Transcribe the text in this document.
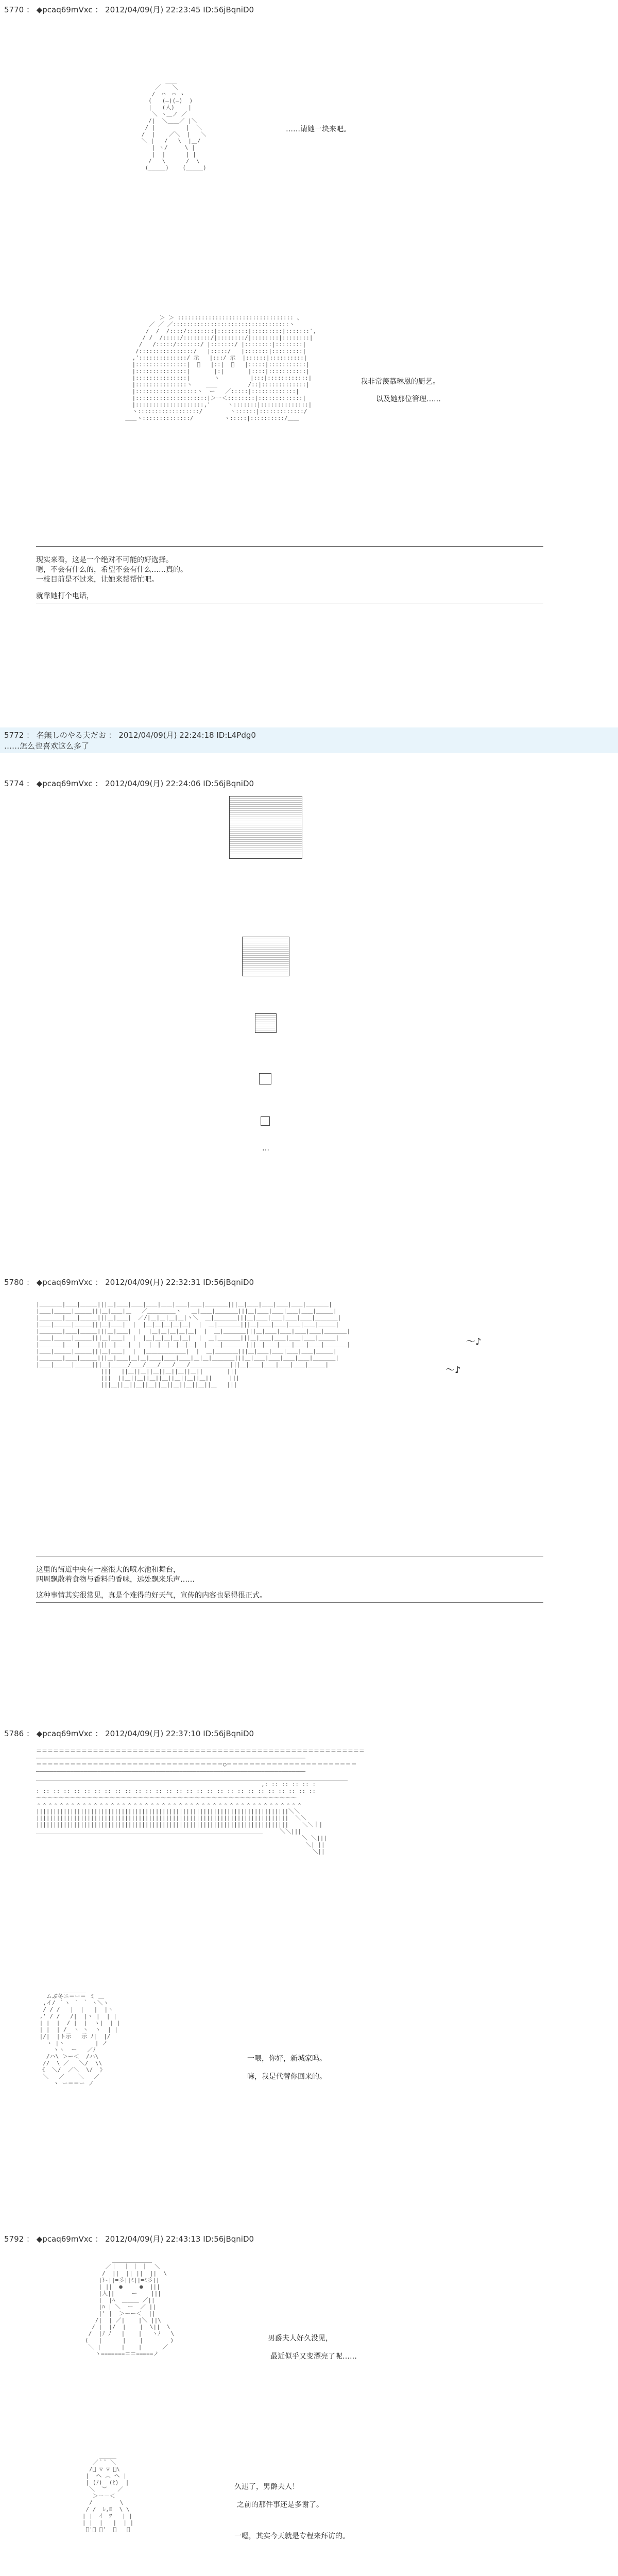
5770 ： ◆pcaq69mVxc ： 2012/04/09(月) 22:23:45 ID:56jBqniD0
＿＿
／　　＼
/  ⌒  ⌒ ヽ
(   (—)(—)  )
|   (人)    |
＼ ヽ＿ノ ／
/|  ＼＿＿／ |＼
/ |         |  ＼
/  |    ／＼  |   ＼
＼_|   /   \  |＿/
| ヽ/     \ |
|  |      | |
/   \      /  \
(_____)    (_____)
……请她一块来吧。
＞ ＞ :::::::::::::::::::::::::::::::::: 、
／ ／ ／::::::::::::::::::::::::::::::::::ヽ
/  /  /::::/::::::::|:::::::::|:::::::::|:::::::',
/ /  /:::::/::::::::/|::::::::/|::::::::|::::::::|
/   /:::::/:::::::/ |:::::::/ |::::::::|::::::::|
/::::::::::::::::/   |:::::/   |:::::::|:::::::::|
,'::::::::::::::/ 示   |:::/ 示  |::::::|::::::::::|
|:::::::::::::::|  ゙   |::|  ゙   |:::::|:::::::::::|
|:::::::::::::::|       |:|       |::::|:::::::::::|
|:::::::::::::::|       ヽ         |:::|::::::::::::|
|:::::::::::::::ヽ    ＿＿         /::|:::::::::::::|
|::::::::::::::::::ヽ  ー   ／:::::|:::::::::::::|
|:::::::::::::::::::::|＞ー＜::::::::|:::::::::::::|
|::::::::::::::::::::,'     ヽ:::::::|::::::::::::::|
ヽ::::::::::::::::::/        ヽ::::::|:::::::::::::/
＿＿ヽ::::::::::::::/         ヽ:::::|::::::::::/＿＿
我非常羡慕琳恩的厨艺。
以及她那位管理……
现实来看，这是一个绝对不可能的好选择。
嗯，不会有什么的，希望不会有什么……真的。
一枝目前是不过来，让她来帮帮忙吧。
就靠她打个电话，
5772 ： 名無しのやる夫だお ： 2012/04/09(月) 22:24:18 ID:L4Pdg0
……怎么也喜欢这么多了
5774 ： ◆pcaq69mVxc ： 2012/04/09(月) 22:24:06 ID:56jBqniD0
…
5780 ： ◆pcaq69mVxc ： 2012/04/09(月) 22:32:31 ID:56jBqniD0
|＿＿＿＿|＿＿|＿＿＿|||＿|＿＿|＿＿|＿＿|＿＿|＿＿|＿＿|＿＿＿＿|||＿|＿＿|＿＿|＿＿|＿＿|＿＿＿＿|
|＿＿|＿＿＿|＿＿＿|||＿|＿＿|＿   ／＿＿＿＿＿ヽ   ＿|＿＿|＿＿＿＿|||＿|＿＿|＿＿|＿＿|＿＿|＿＿＿|
|＿＿＿＿|＿＿|＿＿＿|||＿|＿＿|  ／/|＿|＿|＿|＿|ヽ＼  ＿|＿＿＿＿|||＿|＿＿|＿＿|＿＿|＿＿|＿＿＿＿|
|＿＿|＿＿＿|＿＿＿|||＿|＿＿|  |  |＿|＿|＿|＿|＿|  |  ＿|＿＿＿＿|||＿|＿＿|＿＿|＿＿|＿＿|＿＿＿|
|＿＿＿＿|＿＿|＿＿＿|||＿|＿＿|  |  |＿|＿|＿|＿|＿|  |  ＿|＿＿＿＿|||＿|＿＿|＿＿|＿＿|＿＿|＿＿＿＿|
|＿＿|＿＿＿|＿＿＿|||＿|＿＿|  |  |＿|＿|＿|＿|＿|  |  ＿|＿＿＿＿|||＿|＿＿|＿＿|＿＿|＿＿|＿＿＿|
|＿＿＿＿|＿＿|＿＿＿|||＿|＿＿|  |  |＿|＿|＿|＿|＿|  |  ＿|＿＿＿＿|||＿|＿＿|＿＿|＿＿|＿＿|＿＿＿＿|
|＿＿|＿＿＿|＿＿＿|||＿|＿＿|  |  |＿＿＿＿＿＿＿|  |  ＿|＿＿＿＿|||＿|＿＿|＿＿|＿＿|＿＿|＿＿＿|
|＿＿＿＿|＿＿|＿＿＿|||＿|＿＿|＿|＿|＿＿|＿＿|＿＿|＿|＿|＿＿＿＿|||＿|＿＿|＿＿|＿＿|＿＿|＿＿＿＿|
|＿＿|＿＿＿|＿＿＿|||＿|＿＿＿/＿＿/＿＿/＿＿/＿＿/＿＿＿＿＿＿＿|||＿|＿＿|＿＿|＿＿|＿＿|＿＿＿|
|||   ||＿||＿||＿||＿||＿||＿||       |||
|||  ||＿||＿||＿||＿||＿||＿||＿||     |||
|||＿||＿||＿||＿||＿||＿||＿||＿||＿   |||
～♪
～♪
这里的街道中央有一座很大的喷水池和舞台，
四周飘散着食物与香料的香味，远处飘来乐声……
这种事情其实很常见，真是个难得的好天气，宣传的内容也显得很正式。
5786 ： ◆pcaq69mVxc ： 2012/04/09(月) 22:37:10 ID:56jBqniD0
＝＝＝＝＝＝＝＝＝＝＝＝＝＝＝＝＝＝＝＝＝＝＝＝＝＝＝＝＝＝＝＝＝＝＝＝＝＝＝＝＝＝＝＝＝＝＝＝＝＝＝＝＝＝＝＝＝＝
———————————————————————————————————————————————————————————————————————————————
＝＝＝＝＝＝＝＝＝＝＝＝＝＝＝＝＝＝＝＝＝＝＝＝＝＝＝＝＝＝＝＝＝○＝＝＝＝＝＝＝＝＝＝＝＝＝＝＝＝＝＝＝＝＝＝＝
———————————————————————————————————————————————————————————————————————————————
＿＿＿＿＿＿＿＿＿＿＿＿＿＿＿＿＿＿＿＿＿＿＿＿＿＿＿＿＿＿＿＿＿＿＿＿＿＿＿＿＿＿＿＿＿＿＿＿＿＿＿＿＿＿＿
,: :: :: :: :: :
: :: :: :: :: :: :: :: :: :: :: :: :: :: :: :: :: :: :: :: :: :: :: :: :: :: :: ::
～～～～～～～～～～～～～～～～～～～～～～～～～～～～～～～～～～～～～～～～～～～～～～
＾＾＾＾＾＾＾＾＾＾＾＾＾＾＾＾＾＾＾＾＾＾＾＾＾＾＾＾＾＾＾＾＾＾＾＾＾＾＾＾＾＾＾＾＾＾＾
||||||||||||||||||||||||||||||||||||||||||||||||||||||||||||||||||||||||||＼＼
||||||||||||||||||||||||||||||||||||||||||||||||||||||||||||||||||||||||||  ＼＼
||||||||||||||||||||||||||||||||||||||||||||||||||||||||||||||||||||||||||    ＼＼｜|
＿＿＿＿＿＿＿＿＿＿＿＿＿＿＿＿＿＿＿＿＿＿＿＿＿＿＿＿＿＿＿＿＿＿＿＿＿＿＿＿     ＼＼|||
＼ ＼|||
＼| ||
＼||
＿＿＿＿
ムぶ冬ニ＝ー＝ ミ ＿
,イ/ ｀ヽ ｀ ｀ ヽ＼ヽ
/ / /   |  |   |  |ヽ
,' / /   /|  |ヽ |  | |
| |  |  / |  |  ヽ|  | |
| |  | /  ヽ ヽ  ヽ  | |
|/|  |ト示   示 ﾉ|  |/
ヽ |ヽ         | ノ
ヽヽ  ー   ／ﾉ
/ハ\ ＞ー＜  /ハ\
//  \ ／   ＼/  \\
《  ＼/  ／＼  \/  》
＼   ／    ＼   ／
ヽ ー＝＝ー ノ
一喂，你好，新城家吗。
嘛，我是代替你回来的。
5792 ： ◆pcaq69mVxc ： 2012/04/09(月) 22:43:13 ID:56jBqniD0
＿＿＿＿＿＿＿
／｜  ｜ ｜ ｜  ＼
/  ||  || ||  ||  \
|ﾄ-||=彡||ﾐ||=ﾐ彡||
| ||  ●     ●  |||
|人||     ー    |||
|  |ﾍ  ＿＿＿ ／||
|ﾊ | ＼  ー  ／ ||
|' |  ＞ーー＜  ||
/|  | ／|    |＼ ||\
/ |  |/  |    |  \||  \
/  |ﾉ ﾉ   |    |   ヽﾉ   \
(   |      |    |        )
＼ |      |    |      ／
ヽ=======＝＝=====ノ
男爵夫人好久没见，
最近似乎又变漂亮了呢……
＿＿＿
／ ﾟ ﾟ ＼
/ﾟ ▽ ▽ ﾟ\
|  ヘ ︵ ヘ |
| (ﾉ)  (ﾋ)  |
＼  ︶   ／
＞ー－＜
/        \
/ /  ﾚ,E  \ \
| |  ｲ  ﾂ   | |
| |  |   |  | |
ﾟ'ﾟ ﾟ'  ﾟ   ﾟ
久违了，男爵夫人！
之前的那件事还是多谢了。
一嗯，其实今天就是专程来拜访的。
